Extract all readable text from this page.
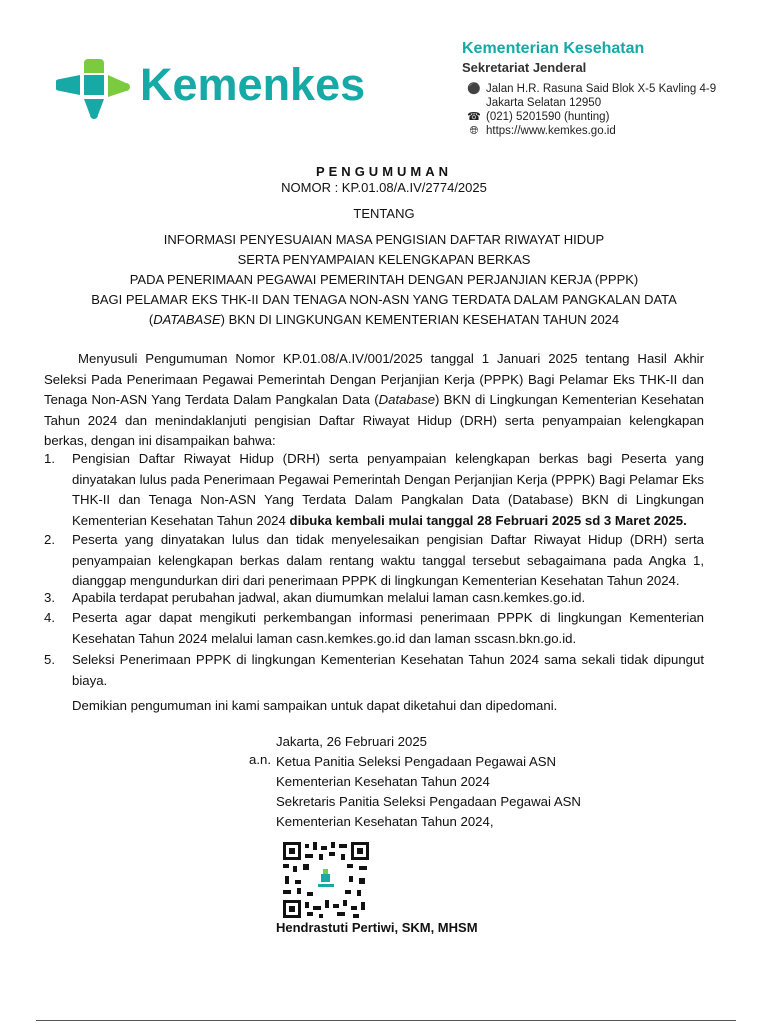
Kemenkes
Kementerian Kesehatan
Sekretariat Jenderal
⚫ Jalan H.R. Rasuna Said Blok X-5 Kavling 4-9
Jakarta Selatan 12950
☎ (021) 5201590 (hunting)
🌐︎ https://www.kemkes.go.id
PENGUMUMAN
NOMOR : KP.01.08/A.IV/2774/2025
TENTANG
INFORMASI PENYESUAIAN MASA PENGISIAN DAFTAR RIWAYAT HIDUP
SERTA PENYAMPAIAN KELENGKAPAN BERKAS
PADA PENERIMAAN PEGAWAI PEMERINTAH DENGAN PERJANJIAN KERJA (PPPK)
BAGI PELAMAR EKS THK-II DAN TENAGA NON-ASN YANG TERDATA DALAM PANGKALAN DATA
(DATABASE) BKN DI LINGKUNGAN KEMENTERIAN KESEHATAN TAHUN 2024
Menyusuli Pengumuman Nomor KP.01.08/A.IV/001/2025 tanggal 1 Januari 2025 tentang Hasil Akhir Seleksi Pada Penerimaan Pegawai Pemerintah Dengan Perjanjian Kerja (PPPK) Bagi Pelamar Eks THK-II dan Tenaga Non-ASN Yang Terdata Dalam Pangkalan Data (Database) BKN di Lingkungan Kementerian Kesehatan Tahun 2024 dan menindaklanjuti pengisian Daftar Riwayat Hidup (DRH) serta penyampaian kelengkapan berkas, dengan ini disampaikan bahwa:
1. Pengisian Daftar Riwayat Hidup (DRH) serta penyampaian kelengkapan berkas bagi Peserta yang dinyatakan lulus pada Penerimaan Pegawai Pemerintah Dengan Perjanjian Kerja (PPPK) Bagi Pelamar Eks THK-II dan Tenaga Non-ASN Yang Terdata Dalam Pangkalan Data (Database) BKN di Lingkungan Kementerian Kesehatan Tahun 2024 dibuka kembali mulai tanggal 28 Februari 2025 sd 3 Maret 2025.
2. Peserta yang dinyatakan lulus dan tidak menyelesaikan pengisian Daftar Riwayat Hidup (DRH) serta penyampaian kelengkapan berkas dalam rentang waktu tanggal tersebut sebagaimana pada Angka 1, dianggap mengundurkan diri dari penerimaan PPPK di lingkungan Kementerian Kesehatan Tahun 2024.
3. Apabila terdapat perubahan jadwal, akan diumumkan melalui laman casn.kemkes.go.id.
4. Peserta agar dapat mengikuti perkembangan informasi penerimaan PPPK di lingkungan Kementerian Kesehatan Tahun 2024 melalui laman casn.kemkes.go.id dan laman sscasn.bkn.go.id.
5. Seleksi Penerimaan PPPK di lingkungan Kementerian Kesehatan Tahun 2024 sama sekali tidak dipungut biaya.
Demikian pengumuman ini kami sampaikan untuk dapat diketahui dan dipedomani.
Jakarta, 26 Februari 2025
a.n. Ketua Panitia Seleksi Pengadaan Pegawai ASN
Kementerian Kesehatan Tahun 2024
Sekretaris Panitia Seleksi Pengadaan Pegawai ASN
Kementerian Kesehatan Tahun 2024,
Hendrastuti Pertiwi, SKM, MHSM
